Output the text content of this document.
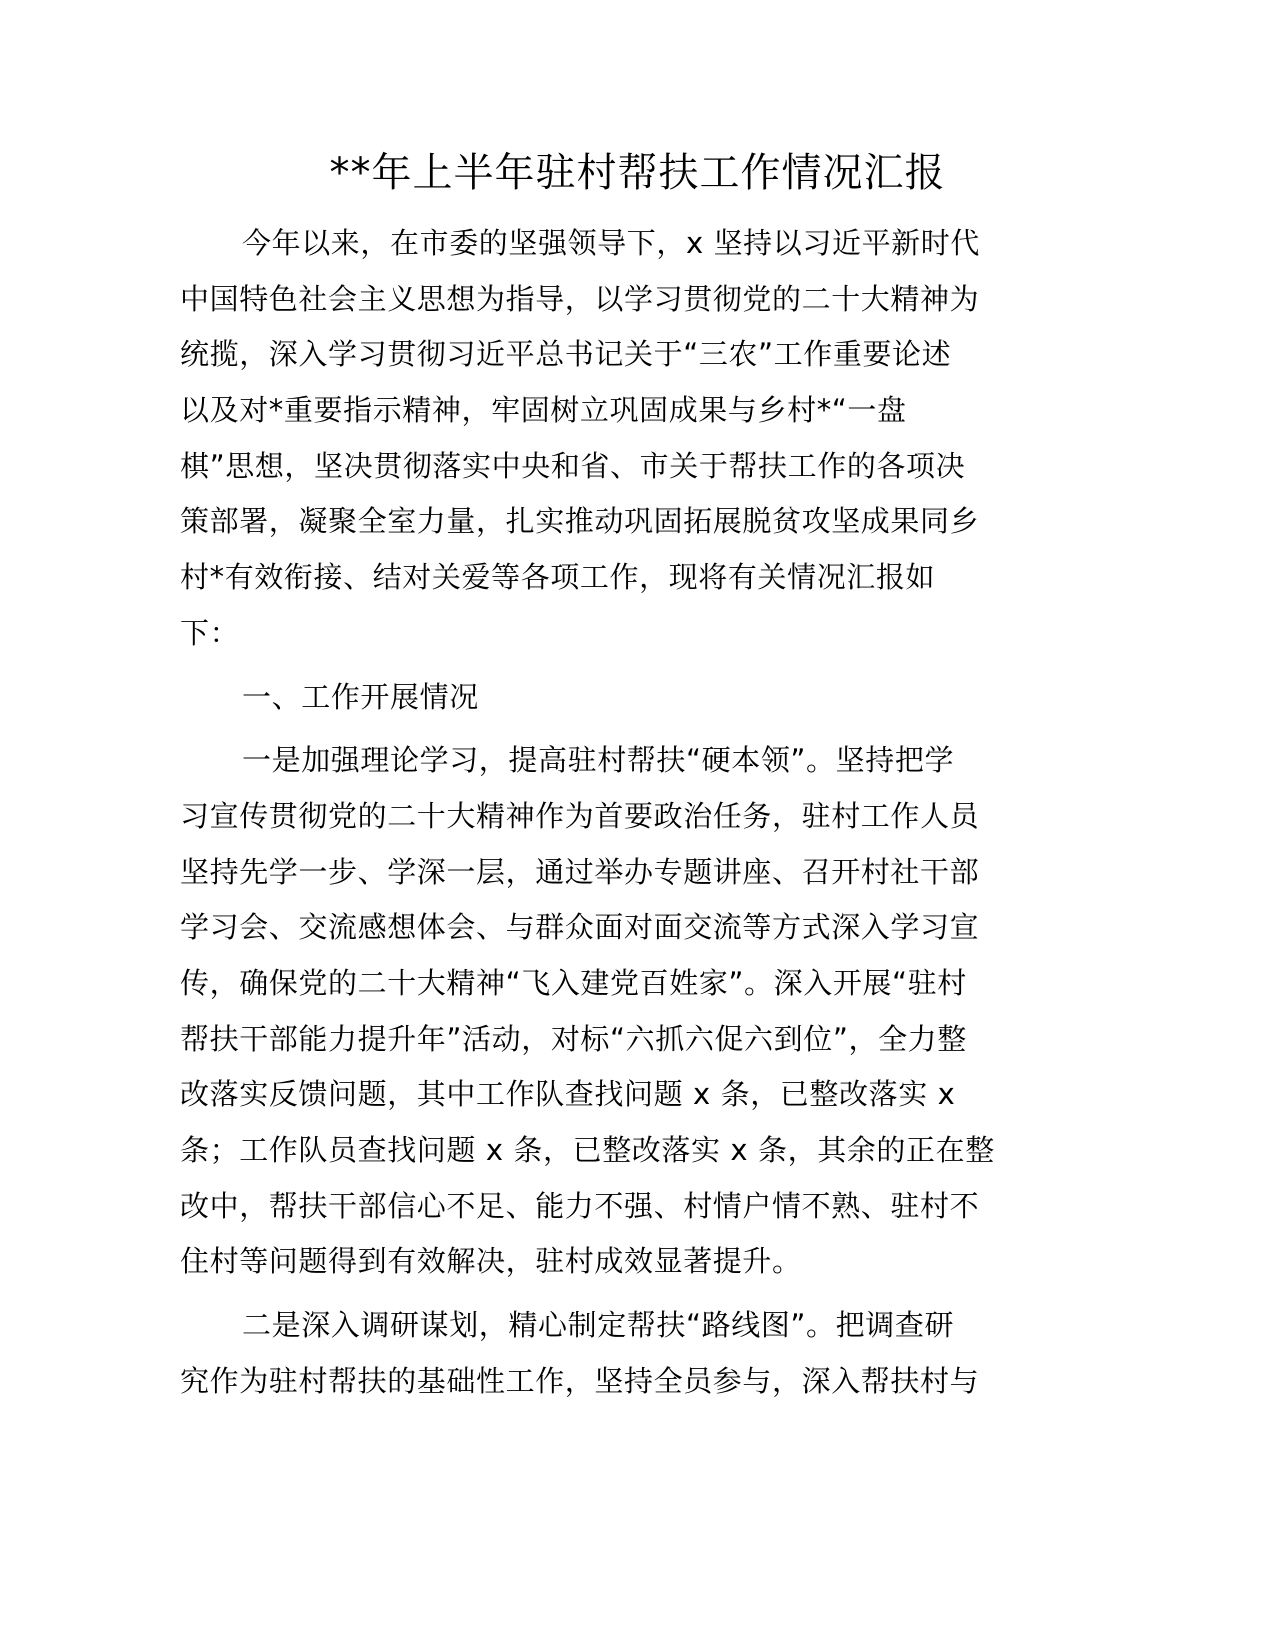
**年上半年驻村帮扶工作情况汇报
今年以来，在市委的坚强领导下，x 坚持以习近平新时代
中国特色社会主义思想为指导，以学习贯彻党的二十大精神为
统揽，深入学习贯彻习近平总书记关于“三农”工作重要论述
以及对*重要指示精神，牢固树立巩固成果与乡村*“一盘
棋”思想，坚决贯彻落实中央和省、市关于帮扶工作的各项决
策部署，凝聚全室力量，扎实推动巩固拓展脱贫攻坚成果同乡
村*有效衔接、结对关爱等各项工作，现将有关情况汇报如
下：
一、工作开展情况
一是加强理论学习，提高驻村帮扶“硬本领”。坚持把学
习宣传贯彻党的二十大精神作为首要政治任务，驻村工作人员
坚持先学一步、学深一层，通过举办专题讲座、召开村社干部
学习会、交流感想体会、与群众面对面交流等方式深入学习宣
传，确保党的二十大精神“飞入建党百姓家”。深入开展“驻村
帮扶干部能力提升年”活动，对标“六抓六促六到位”，全力整
改落实反馈问题，其中工作队查找问题 x 条，已整改落实 x
条；工作队员查找问题 x 条，已整改落实 x 条，其余的正在整
改中，帮扶干部信心不足、能力不强、村情户情不熟、驻村不
住村等问题得到有效解决，驻村成效显著提升。
二是深入调研谋划，精心制定帮扶“路线图”。把调查研
究作为驻村帮扶的基础性工作，坚持全员参与，深入帮扶村与
